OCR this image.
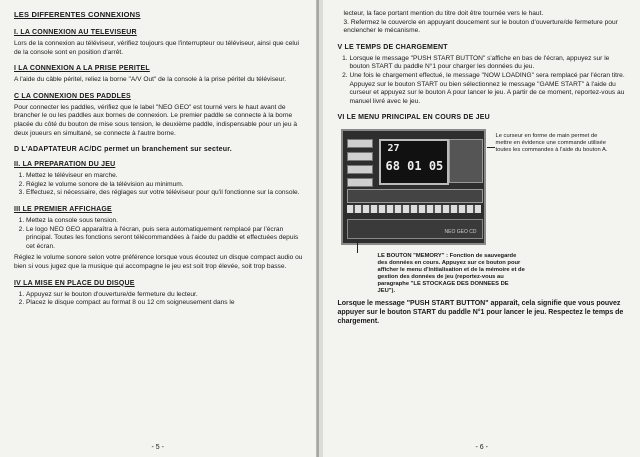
LES DIFFERENTES CONNEXIONS
I. LA CONNEXION AU TELEVISEUR

Lors de la connexion au téléviseur, vérifiez toujours que l'interrupteur ou téléviseur, ainsi que celui de la console sont en position d'arrêt.

I LA CONNEXION A LA PRISE PERITEL

A l'aide du câble péritel, reliez la borne "A/V Out" de la console à la prise péritel du téléviseur.

C LA CONNEXION DES PADDLES

Pour connecter les paddles, vérifiez que le label "NEO GEO" est tourné vers le haut avant de brancher le ou les paddles aux bornes de connexion. Le premier paddle se connecte à la borne placée du côté du bouton de mise sous tension, le deuxième paddle, indispensable pour un jeu à deux joueurs en simultané, se connecte à l'autre borne.

D L'ADAPTATEUR AC/DC permet un branchement sur secteur.
II. LA PREPARATION DU JEU
1. Mettez le téléviseur en marche.
2. Réglez le volume sonore de la télévision au minimum.
3. Effectuez, si nécessaire, des réglages sur votre téléviseur pour qu'il fonctionne sur la console.
III LE PREMIER AFFICHAGE
1. Mettez la console sous tension.
2. Le logo NEO GEO apparaîtra à l'écran, puis sera automatiquement remplacé par l'écran principal. Toutes les fonctions seront télécommandées à l'aide du paddle et effectuées depuis cet écran.

Réglez le volume sonore selon votre préférence lorsque vous écoutez un disque compact audio ou bien si vous jugez que la musique qui accompagne le jeu est soit trop élevée, soit trop basse.

IV LA MISE EN PLACE DU DISQUE
1. Appuyez sur le bouton d'ouverture/de fermeture du lecteur.
2. Placez le disque compact au format 8 ou 12 cm soigneusement dans le
- 5 -
lecteur, la face portant mention du titre doit être tournée vers le haut.
3. Refermez le couvercle en appuyant doucement sur le bouton d'ouverture/de fermeture pour enclencher le mécanisme.
V LE TEMPS DE CHARGEMENT
1. Lorsque le message "PUSH START BUTTON" s'affiche en bas de l'écran, appuyez sur le bouton START du paddle N°1 pour charger les données du jeu.
2. Une fois le chargement effectué, le message "NOW LOADING" sera remplacé par l'écran titre. Appuyez sur le bouton START ou bien sélectionnez le message "GAME START" à l'aide du curseur et appuyez sur le bouton A pour lancer le jeu. A partir de ce moment, reportez-vous au manuel livré avec le jeu.
VI LE MENU PRINCIPAL EN COURS DE JEU
27
68 01 05
NEO GEO CD
Le curseur en forme de main permet de mettre en évidence une commande utilisée toutes les commandes à l'aide du bouton A.
LE BOUTON "MEMORY" : Fonction de sauvegarde des données en cours. Appuyez sur ce bouton pour afficher le menu d'initialisation et de la mémoire et de gestion des données de jeu (reportez-vous au paragraphe "LE STOCKAGE DES DONNEES DE JEU").
Lorsque le message "PUSH START BUTTON" apparaît, cela signifie que vous pouvez appuyer sur le bouton START du paddle N°1 pour lancer le jeu. Respectez le temps de chargement.
- 6 -
